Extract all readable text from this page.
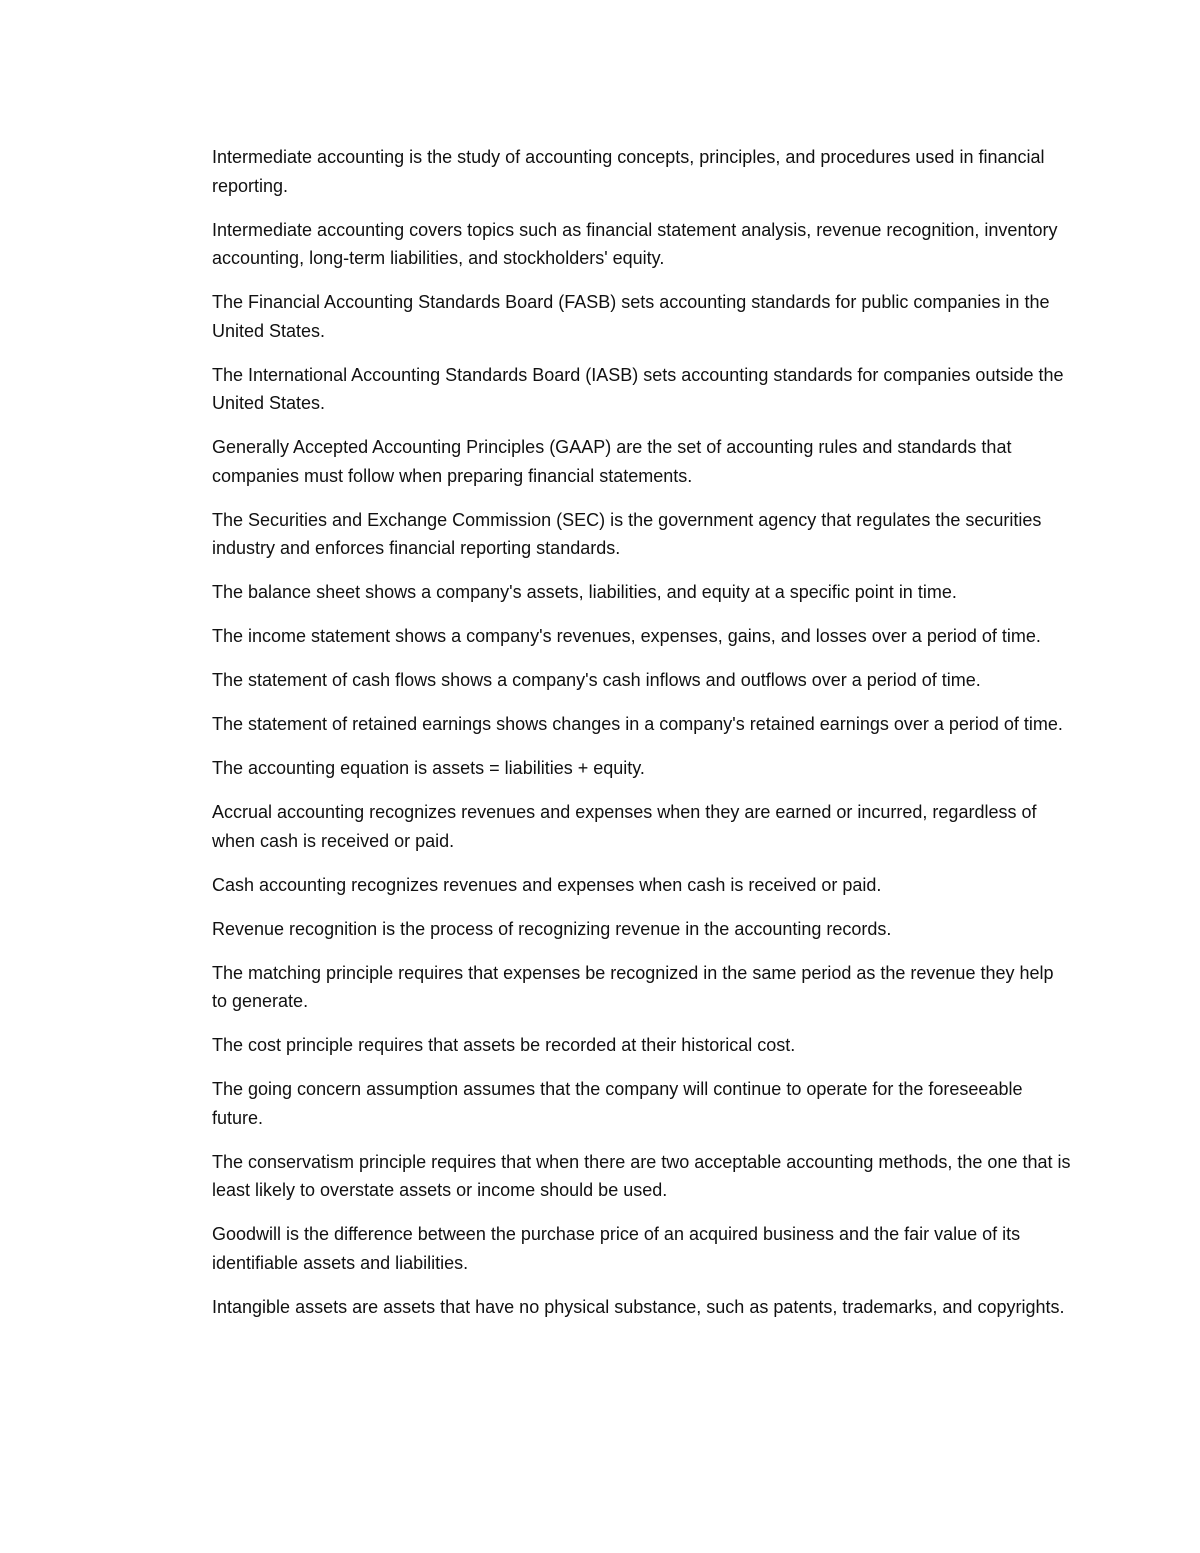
Intermediate accounting is the study of accounting concepts, principles, and procedures used in financial reporting.

Intermediate accounting covers topics such as financial statement analysis, revenue recognition, inventory accounting, long-term liabilities, and stockholders' equity.

The Financial Accounting Standards Board (FASB) sets accounting standards for public companies in the United States.

The International Accounting Standards Board (IASB) sets accounting standards for companies outside the United States.

Generally Accepted Accounting Principles (GAAP) are the set of accounting rules and standards that companies must follow when preparing financial statements.

The Securities and Exchange Commission (SEC) is the government agency that regulates the securities industry and enforces financial reporting standards.

The balance sheet shows a company's assets, liabilities, and equity at a specific point in time.

The income statement shows a company's revenues, expenses, gains, and losses over a period of time.

The statement of cash flows shows a company's cash inflows and outflows over a period of time.

The statement of retained earnings shows changes in a company's retained earnings over a period of time.

The accounting equation is assets = liabilities + equity.

Accrual accounting recognizes revenues and expenses when they are earned or incurred, regardless of when cash is received or paid.

Cash accounting recognizes revenues and expenses when cash is received or paid.

Revenue recognition is the process of recognizing revenue in the accounting records.

The matching principle requires that expenses be recognized in the same period as the revenue they help to generate.

The cost principle requires that assets be recorded at their historical cost.

The going concern assumption assumes that the company will continue to operate for the foreseeable future.

The conservatism principle requires that when there are two acceptable accounting methods, the one that is least likely to overstate assets or income should be used.

Goodwill is the difference between the purchase price of an acquired business and the fair value of its identifiable assets and liabilities.

Intangible assets are assets that have no physical substance, such as patents, trademarks, and copyrights.
